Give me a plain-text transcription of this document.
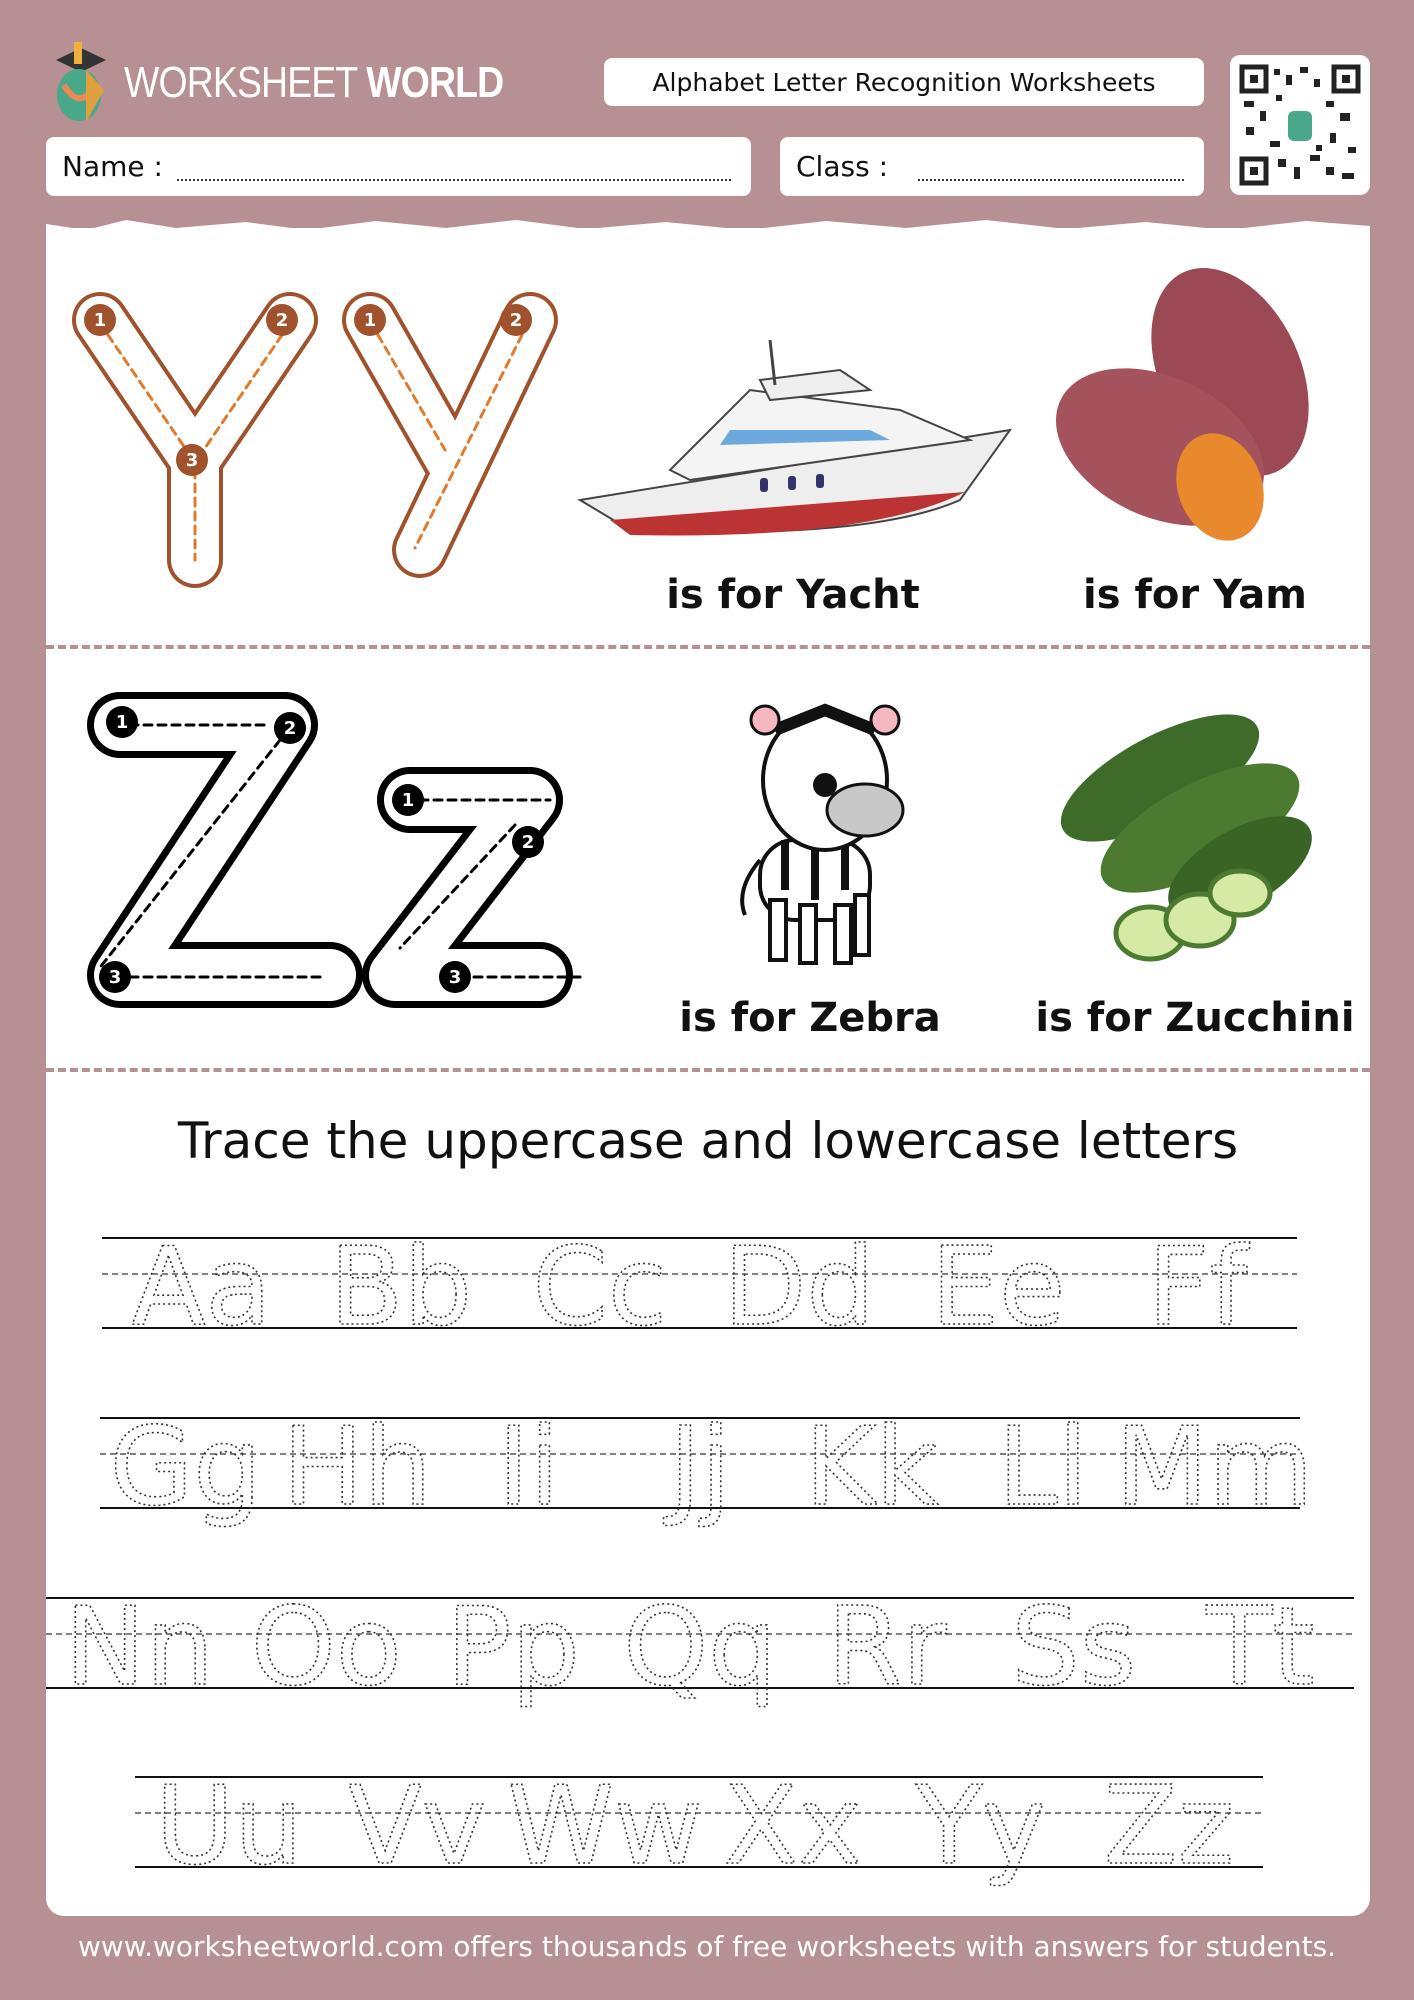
WORKSHEET WORLD	Alphabet Letter Recognition Worksheets
Name :	Class :
1	2
3
1	2
is for Yacht	is for Yam
1	2
3
1
2
3
is for Zebra	is for Zucchini
Trace the uppercase and lowercase letters
Aa Bb Cc Dd Ee Ff
Gg Hh Ii Jj Kk Ll Mm
Nn Oo Pp Qq Rr Ss Tt
Uu Vv Ww Xx Yy Zz
www.worksheetworld.com offers thousands of free worksheets with answers for students.
